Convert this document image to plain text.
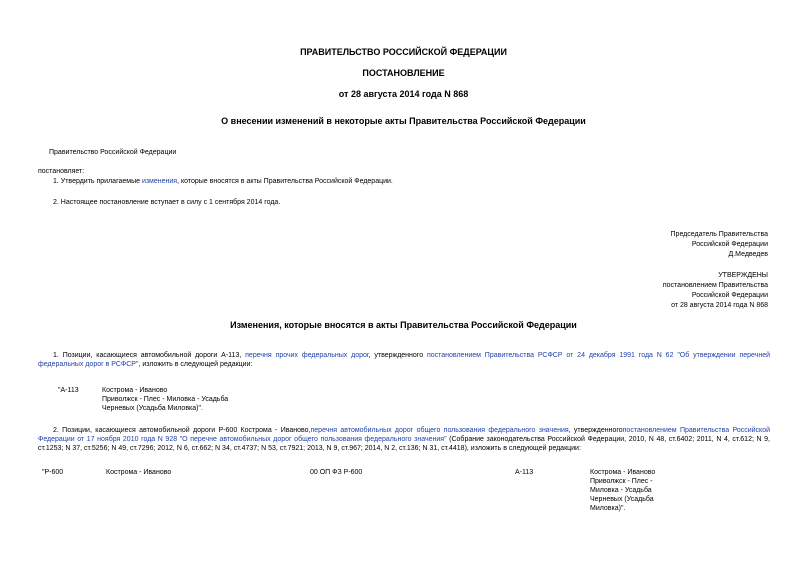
ПРАВИТЕЛЬСТВО РОССИЙСКОЙ ФЕДЕРАЦИИ
ПОСТАНОВЛЕНИЕ
от 28 августа 2014 года N 868
О внесении изменений в некоторые акты Правительства Российской Федерации
Правительство Российской Федерации
постановляет:
1. Утвердить прилагаемые изменения, которые вносятся в акты Правительства Российской Федерации.
2. Настоящее постановление вступает в силу с 1 сентября 2014 года.
Председатель Правительства
Российской Федерации
Д.Медведев
УТВЕРЖДЕНЫ
постановлением Правительства
Российской Федерации
от 28 августа 2014 года N 868
Изменения, которые вносятся в акты Правительства Российской Федерации
1. Позиции, касающиеся автомобильной дороги А-113, перечня прочих федеральных дорог, утвержденного постановлением Правительства РСФСР от 24 декабря 1991 года N 62 "Об утверждении перечней федеральных дорог в РСФСР", изложить в следующей редакции:
"А-113	Кострома - Иваново
Приволжск - Плес - Миловка - Усадьба
Черневых (Усадьба Миловка)".
2. Позиции, касающиеся автомобильной дороги Р-600 Кострома - Иваново,перечня автомобильных дорог общего пользования федерального значения, утвержденногопостановлением Правительства Российской Федерации от 17 ноября 2010 года N 928 "О перечне автомобильных дорог общего пользования федерального значения" (Собрание законодательства Российской Федерации, 2010, N 48, ст.6402; 2011, N 4, ст.612; N 9, ст.1253; N 37, ст.5256; N 49, ст.7296; 2012, N 6, ст.662; N 34, ст.4737; N 53, ст.7921; 2013, N 9, ст.967; 2014, N 2, ст.136; N 31, ст.4418), изложить в следующей редакции:
"Р-600	Кострома - Иваново	00 ОП ФЗ Р-600	А-113	Кострома - Иваново
Приволжск - Плес -
Миловка - Усадьба
Черневых (Усадьба
Миловка)".
